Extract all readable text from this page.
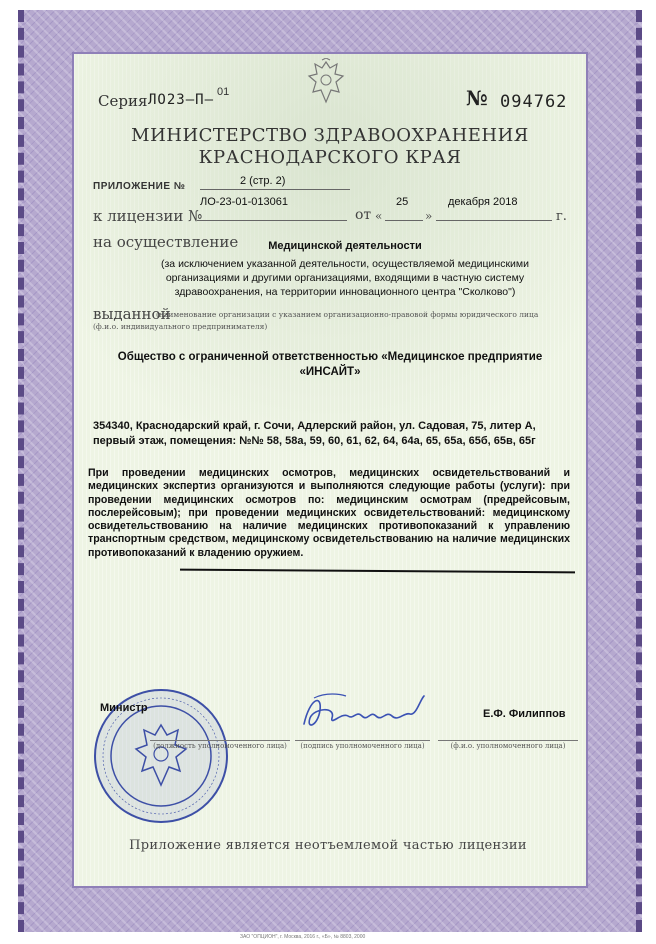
Серия ЛО23–П– 01	№ 094762
МИНИСТЕРСТВО ЗДРАВООХРАНЕНИЯ
КРАСНОДАРСКОГО КРАЯ
ПРИЛОЖЕНИЕ №	2 (стр. 2)
к лицензии №
ЛО-23-01-013061
от «
25
»
декабря 2018
г.
на осуществление	Медицинской деятельности
(за исключением указанной деятельности, осуществляемой медицинскими организациями и другими организациями, входящими в частную систему здравоохранения, на территории инновационного центра "Сколково")
выданной
(наименование организации с указанием организационно-правовой формы юридического лица
(ф.и.о. индивидуального предпринимателя)
Общество с ограниченной ответственностью «Медицинское предприятие «ИНСАЙТ»
354340, Краснодарский край, г. Сочи, Адлерский район, ул. Садовая, 75, литер А, первый этаж, помещения: №№ 58, 58а, 59, 60, 61, 62, 64, 64а, 65, 65а, 65б, 65в, 65г
При проведении медицинских осмотров, медицинских освидетельствований и медицинских экспертиз организуются и выполняются следующие работы (услуги): при проведении медицинских осмотров по: медицинским осмотрам (предрейсовым, послерейсовым); при проведении медицинских освидетельствований: медицинскому освидетельствованию на наличие медицинских противопоказаний к управлению транспортным средством, медицинскому освидетельствованию на наличие медицинских противопоказаний к владению оружием.
Министр	Е.Ф. Филиппов
(должность уполномоченного лица)	(подпись уполномоченного лица)	(ф.и.о. уполномоченного лица)
Приложение является неотъемлемой частью лицензии
ЗАО "ОПЦИОН", г. Москва, 2016 г., «Б», № 8803, 2000
